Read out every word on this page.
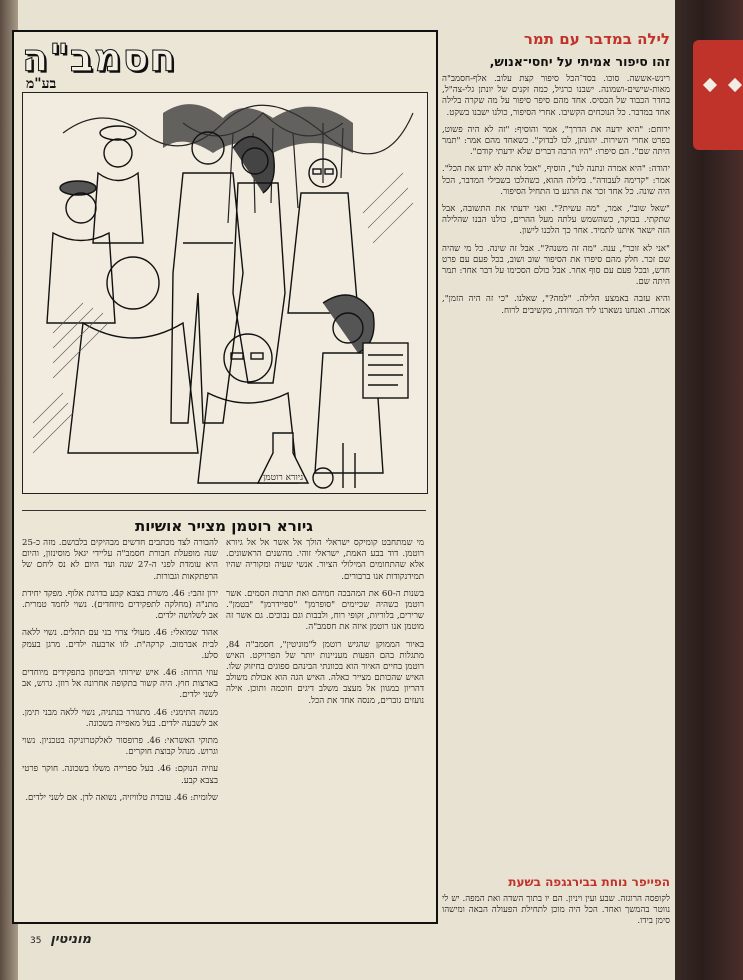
חסמב"ה
בע"מ
גיורא רוטמן
גיורא רוטמן מצייר אושיות

מי שמתחבט קומיקס ישראלי הולך אל אשר אל אל גיורא רוטמן. דוד בבע האמת, ישראלי זוהי. מהשנים הראשונים. אלא שהתחומים המילולי הציור. אנשי שעיה ומקוריה שהיו תמידנקודות אנו ברבורים.

בשנות ה-60 את המהבכה חמיהם ואת תרבות הסמים. אשר רוטמן כשהיה שכיימים "סופרמן" "ספיידרמן" "בטמן". שרירים, בלוריות, זקופי רוח, ולבבות וגם נבוכים. גם אשר זה מוטמן אנו רוטמן איזה את חסמב"ה.

באיור הממוקן שהגיש רוטמן ל"מוניטין", חסמב"ה 84, מתגלות בהם הפעות מעניינות יותר של הפרויקט. האיש רוטמן בחיים האיור הוא בכוונתי הבינהם ספוגים בחיזוק שלו. האיש שהכותם מצייר כאלה. האיש הגה הוא אכולת משולב דהריון במגוון אל מעצב משלב דיגים חוכמה ותוכן. אילה נועזים גוברים, מנסה אחד את הכל.

להבורה לצד מכתבים חדשים מבהיקים בלבושם. מזה כ-25 שנה מופעלת חבורת חסמב"ה עליידי יגאל מוסינזון, והיום היא עומדת לפני ה-27 שנה ועד היום לא נס ליחם של הרפתקאות וגבורות.

ירון זהבי: 46. משרת בצבא קבע בדרגת אלוף. מפקד יחידת מתנ"ה (מחלקה לתפקידים מיוחדים). נשוי לחמד טמרית. אב לשלושה ילדים.

אהוד שמואלי: 46. מעולי צרוי בני עם תהלים. נשוי ללאה לבית אברמוב. קרקה"ת. לזו ארבעה ילדים. מרגן בעמק סלע.

עוזי הרוזה: 46. איש שירותי הביטחון בתפקידים מיוחדים בארצות חוץ. היה קשור בתקופה אחרונה אל רוזן. גרוש, אב לשני ילדים.

מנשה התימני: 46. מתגורר בנתניה, נשוי ללאה מבני תימן. אב לשבעה ילדים. בעל מאפייה בשכונה.

מתוקי האשראי: 46. פרופסור לאלקטרוניקה בטכניון. נשוי וגרוש. מנהל קבוצת חוקרים.

עוזיה הנוקם: 46. בעל ספרייה משלו בשכונה. חוקר פרטי בצבא קבע.

שלומית: 46. עובדת טלוויזיה, נשואה לדן. אם לשני ילדים.

לילה במדבר עם תמר
זהו סיפור אמיתי על יחסי־אנוש,

רינש-אששה. סוכו. בסד־הכל סיפור קצת עלוב. אלף-חסמב"ה מאות-שישים-ושמונה. ישבנו כרגיל, כמה זקנים של יונתן גלי-צה"ל, בחדר הכבוד של הבסיס. אחד מהם סיפר סיפור על מה שקרה בלילה אחד במדבר. כל הנוכחים הקשיבו. אחרי הסיפור, כולנו ישבנו בשקט.

ירוחם: "היא ידעה את הדרך", אמר והוסיף: "זה לא היה פשוט, בפרט אחרי השירות. יהונתן, לכו לבדוק". כשאחד מהם אמר: "תמר היתה שם". הם סיפרו: "היו הרבה דברים שלא ידעתי קודם".

יהודה: "היא אמרה ונתנה לנו", הוסיף, "אבל אתה לא יודע את הכל". אמר: "קדימה לעבודה". בלילה ההוא, כשהלכו בשבילי המדבר, הכל היה שונה. כל אחד זכר את הרגע בו התחיל הסיפור.

"שאל שוב", אמר, "מה עשית?". ואני ידעתי את התשובה, אבל שתקתי. בבוקר, כשהשמש עלתה מעל ההרים, כולנו הבנו שהלילה הזה ישאר איתנו לתמיד. אחר כך הלכנו לישון.

"אני לא זוכר", ענה. "מה זה משנה?". אבל זה שינה. כל מי שהיה שם זכר. חלק מהם סיפרו את הסיפור שוב ושוב, בכל פעם עם פרט חדש, ובכל פעם עם סוף אחר. אבל כולם הסכימו על דבר אחד: תמר היתה שם.

והיא עזבה באמצע הלילה. "למה?", שאלנו. "כי זה היה הזמן", אמרה. ואנחנו נשארנו ליד המדורה, מקשיבים לרוח.

הפייפר נוחת בבירגגפה בשעת

לקופסה הרוגזה. שבע ועין ויניון. הם יו בתוך השדה ואת המפה. יש לי נווטר בהמשך ואחד. הכל היה מוכן לתחילת הפעולה הבאה ומישהו סימן בידו.

מוניטין 35
